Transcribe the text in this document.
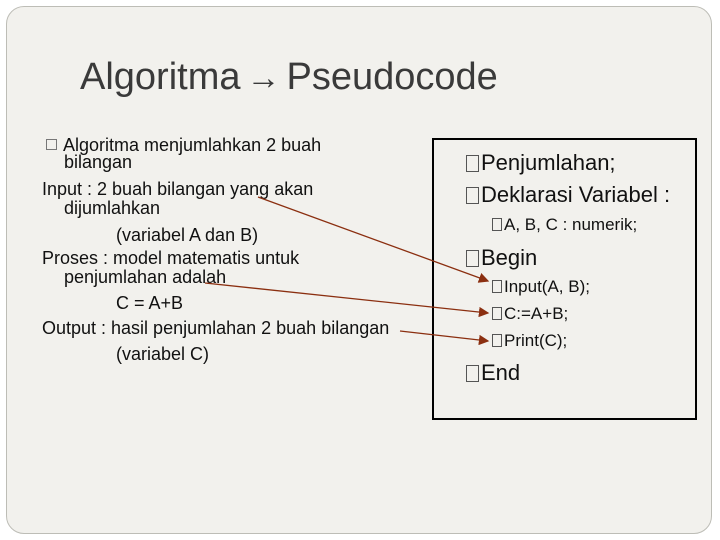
Algoritma → Pseudocode
Algoritma menjumlahkan 2 buah
bilangan
Input : 2 buah bilangan yang akan
dijumlahkan
(variabel A dan B)
Proses : model matematis untuk
penjumlahan adalah
C = A+B
Output : hasil penjumlahan 2 buah bilangan
(variabel C)
Penjumlahan;
Deklarasi Variabel :
A, B, C : numerik;
Begin
Input(A, B);
C:=A+B;
Print(C);
End
